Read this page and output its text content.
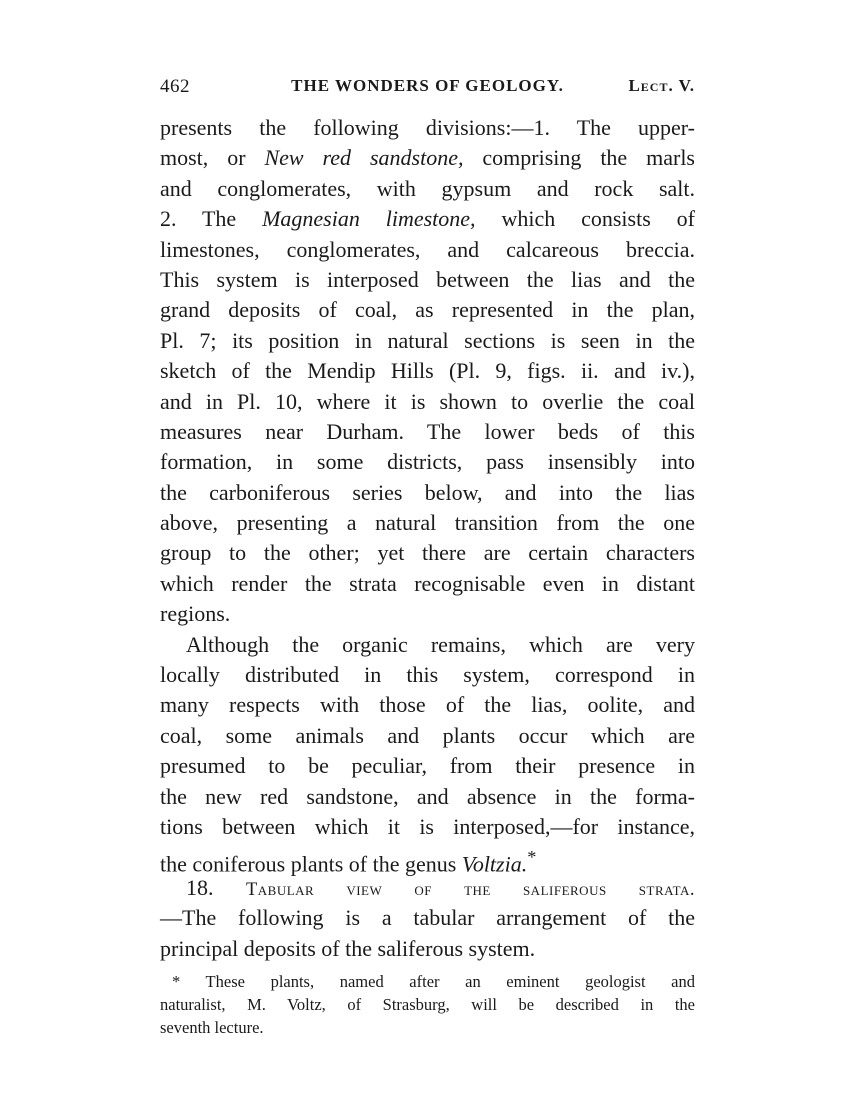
462	THE WONDERS OF GEOLOGY.	Lect. V.
presents the following divisions:—1. The upper-
most, or New red sandstone, comprising the marls
and conglomerates, with gypsum and rock salt.
2. The Magnesian limestone, which consists of
limestones, conglomerates, and calcareous breccia.
This system is interposed between the lias and the
grand deposits of coal, as represented in the plan,
Pl. 7; its position in natural sections is seen in the
sketch of the Mendip Hills (Pl. 9, figs. ii. and iv.),
and in Pl. 10, where it is shown to overlie the coal
measures near Durham. The lower beds of this
formation, in some districts, pass insensibly into
the carboniferous series below, and into the lias
above, presenting a natural transition from the one
group to the other; yet there are certain characters
which render the strata recognisable even in distant
regions.
Although the organic remains, which are very
locally distributed in this system, correspond in
many respects with those of the lias, oolite, and
coal, some animals and plants occur which are
presumed to be peculiar, from their presence in
the new red sandstone, and absence in the forma-
tions between which it is interposed,—for instance,
the coniferous plants of the genus Voltzia.*
18. Tabular view of the saliferous strata.
—The following is a tabular arrangement of the
principal deposits of the saliferous system.
* These plants, named after an eminent geologist and
naturalist, M. Voltz, of Strasburg, will be described in the
seventh lecture.
